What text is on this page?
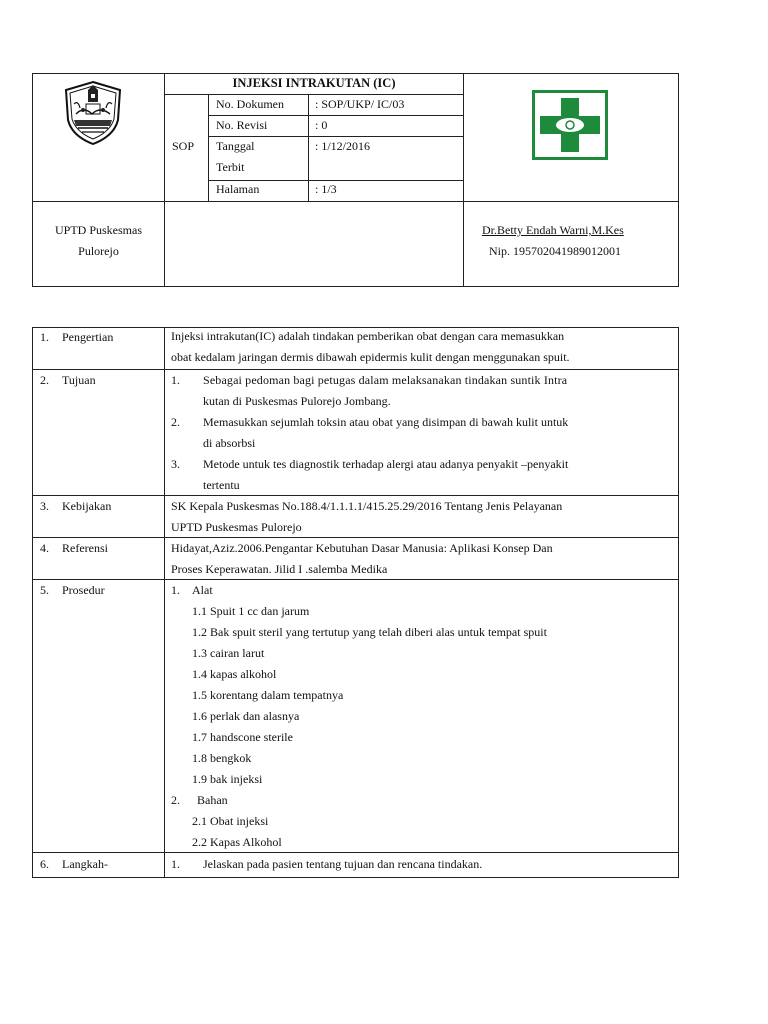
INJEKSI INTRAKUTAN (IC)
SOP
No. Dokumen	: SOP/UKP/ IC/03
No. Revisi	: 0
Tanggal
Terbit
: 1/12/2016
Halaman	: 1/3
UPTD Puskesmas
Pulorejo
Dr.Betty Endah Warni,M.Kes
Nip. 195702041989012001
1. Pengertian	Injeksi intrakutan(IC) adalah tindakan pemberikan obat dengan cara memasukkan
obat kedalam jaringan dermis dibawah epidermis kulit dengan menggunakan spuit.
2. Tujuan	1. Sebagai pedoman bagi petugas dalam melaksanakan tindakan suntik Intra
kutan di Puskesmas Pulorejo Jombang.
2. Memasukkan sejumlah toksin atau obat yang disimpan di bawah kulit untuk
di absorbsi
3. Metode untuk tes diagnostik terhadap alergi atau adanya penyakit –penyakit
tertentu
3. Kebijakan	SK Kepala Puskesmas No.188.4/1.1.1.1/415.25.29/2016 Tentang Jenis Pelayanan
UPTD Puskesmas Pulorejo
4. Referensi	Hidayat,Aziz.2006.Pengantar Kebutuhan Dasar Manusia: Aplikasi Konsep Dan
Proses Keperawatan. Jilid I .salemba Medika
5. Prosedur	1. Alat
1.1 Spuit 1 cc dan jarum
1.2 Bak spuit steril yang tertutup yang telah diberi alas untuk tempat spuit
1.3 cairan larut
1.4 kapas alkohol
1.5 korentang dalam tempatnya
1.6 perlak dan alasnya
1.7 handscone sterile
1.8 bengkok
1.9 bak injeksi
2. Bahan
2.1 Obat injeksi
2.2 Kapas Alkohol
6. Langkah-	1. Jelaskan pada pasien tentang tujuan dan rencana tindakan.
